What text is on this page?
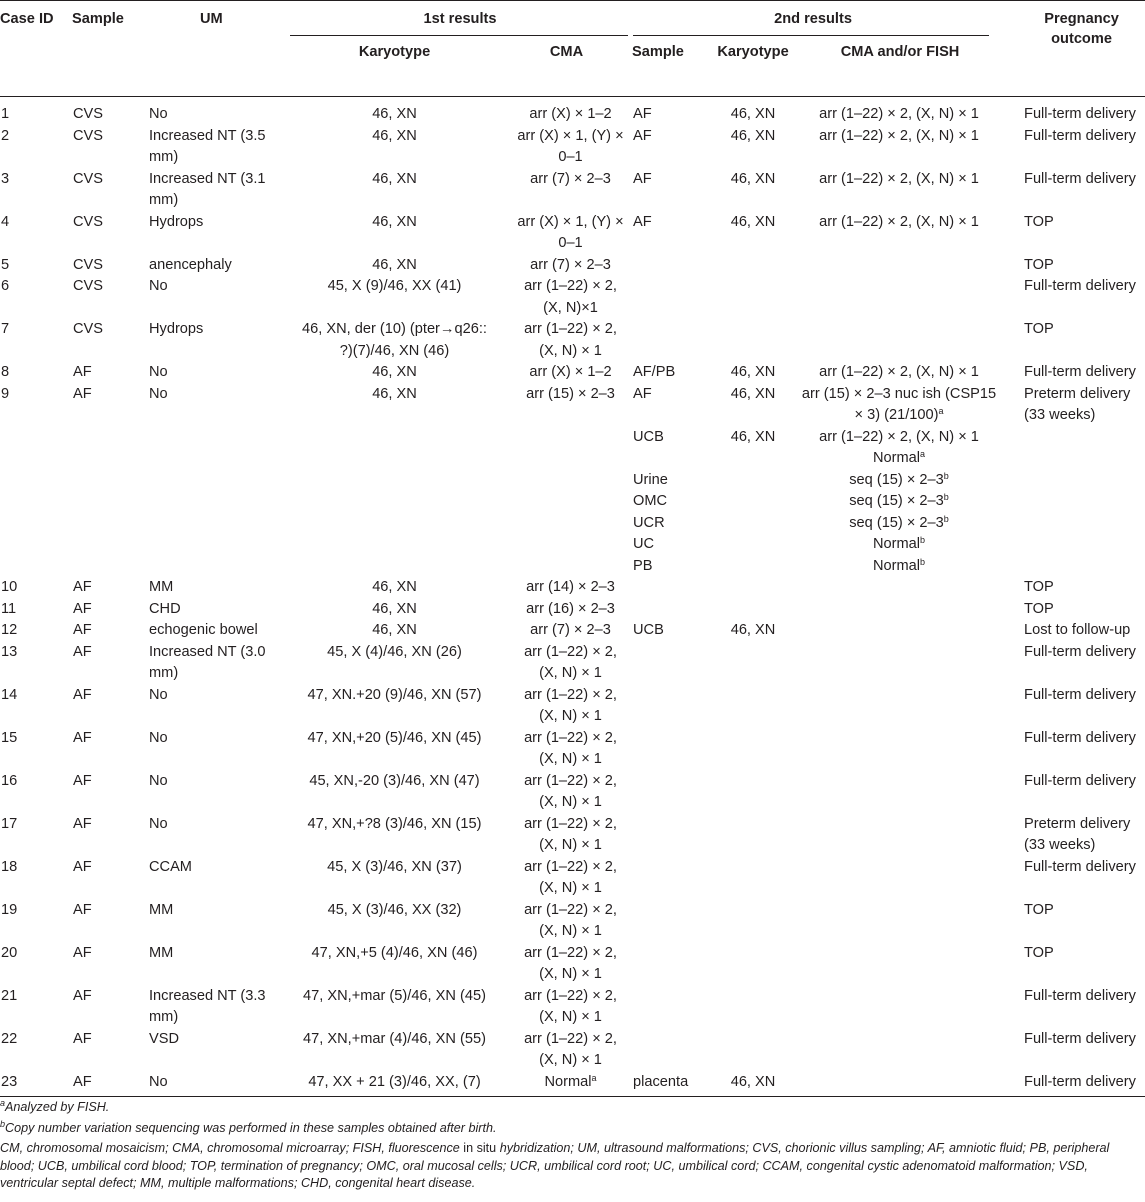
Case ID	Sample	UM	1st results		2nd results			Pregnancy outcome
			Karyotype	CMA	Sample	Karyotype	CMA and/or FISH	
1	CVS	No	46, XN	arr (X) × 1–2	AF	46, XN	arr (1–22) × 2, (X, N) × 1	Full-term delivery
2	CVS	Increased NT (3.5 mm)	46, XN	arr (X) × 1, (Y) × 0–1	AF	46, XN	arr (1–22) × 2, (X, N) × 1	Full-term delivery
3	CVS	Increased NT (3.1 mm)	46, XN	arr (7) × 2–3	AF	46, XN	arr (1–22) × 2, (X, N) × 1	Full-term delivery
4	CVS	Hydrops	46, XN	arr (X) × 1, (Y) × 0–1	AF	46, XN	arr (1–22) × 2, (X, N) × 1	TOP
5	CVS	anencephaly	46, XN	arr (7) × 2–3				TOP
6	CVS	No	45, X (9)/46, XX (41)	arr (1–22) × 2, (X, N)×1				Full-term delivery
7	CVS	Hydrops	46, XN, der (10) (pter→q26:: ?)(7)/46, XN (46)	arr (1–22) × 2, (X, N) × 1				TOP
8	AF	No	46, XN	arr (X) × 1–2	AF/PB	46, XN	arr (1–22) × 2, (X, N) × 1	Full-term delivery
9	AF	No	46, XN	arr (15) × 2–3	AF	46, XN	arr (15) × 2–3 nuc ish (CSP15 × 3) $(21/100)^a$	Preterm delivery (33 weeks)
					UCB	46, XN	arr (1–22) × 2, (X, N) × 1
Normal$^a$	
					Urine		seq $(15) \times 2-3^b$	
					OMC		seq $(15) \times 2-3^b$	
					UCR		seq $(15) \times 2-3^b$	
					UC		Normal$^b$	
					PB		Normal$^b$	
10	AF	MM	46, XN	arr (14) × 2–3				TOP
11	AF	CHD	46, XN	arr (16) × 2–3				TOP
12	AF	echogenic bowel	46, XN	arr (7) × 2–3	UCB	46, XN		Lost to follow-up
13	AF	Increased NT (3.0 mm)	45, X (4)/46, XN (26)	arr (1–22) × 2, (X, N) × 1				Full-term delivery
14	AF	No	47, XN.+20 (9)/46, XN (57)	arr (1–22) × 2, (X, N) × 1				Full-term delivery
15	AF	No	47, XN,+20 (5)/46, XN (45)	arr (1–22) × 2, (X, N) × 1				Full-term delivery
16	AF	No	45, XN,-20 (3)/46, XN (47)	arr (1–22) × 2, (X, N) × 1				Full-term delivery
17	AF	No	47, XN,+?8 (3)/46, XN (15)	arr (1–22) × 2, (X, N) × 1				Preterm delivery (33 weeks)
18	AF	CCAM	45, X (3)/46, XN (37)	arr (1–22) × 2, (X, N) × 1				Full-term delivery
19	AF	MM	45, X (3)/46, XX (32)	arr (1–22) × 2, (X, N) × 1				TOP
20	AF	MM	47, XN,+5 (4)/46, XN (46)	arr (1–22) × 2, (X, N) × 1				TOP
21	AF	Increased NT (3.3 mm)	47, XN,+mar (5)/46, XN (45)	arr (1–22) × 2, (X, N) × 1				Full-term delivery
22	AF	VSD	47, XN,+mar (4)/46, XN (55)	arr (1–22) × 2, (X, N) × 1				Full-term delivery
23	AF	No	47, XX + 21 (3)/46, XX, (7)	Normal$^a$	placenta	46, XN		Full-term delivery

$^a$Analyzed by FISH.

$^b$Copy number variation sequencing was performed in these samples obtained after birth.

CM, chromosomal mosaicism; CMA, chromosomal microarray; FISH, fluorescence in situ hybridization; UM, ultrasound malformations; CVS, chorionic villus sampling; AF, amniotic fluid; PB, peripheral blood; UCB, umbilical cord blood; TOP, termination of pregnancy; OMC, oral mucosal cells; UCR, umbilical cord root; UC, umbilical cord; CCAM, congenital cystic adenomatoid malformation; VSD, ventricular septal defect; MM, multiple malformations; CHD, congenital heart disease.
